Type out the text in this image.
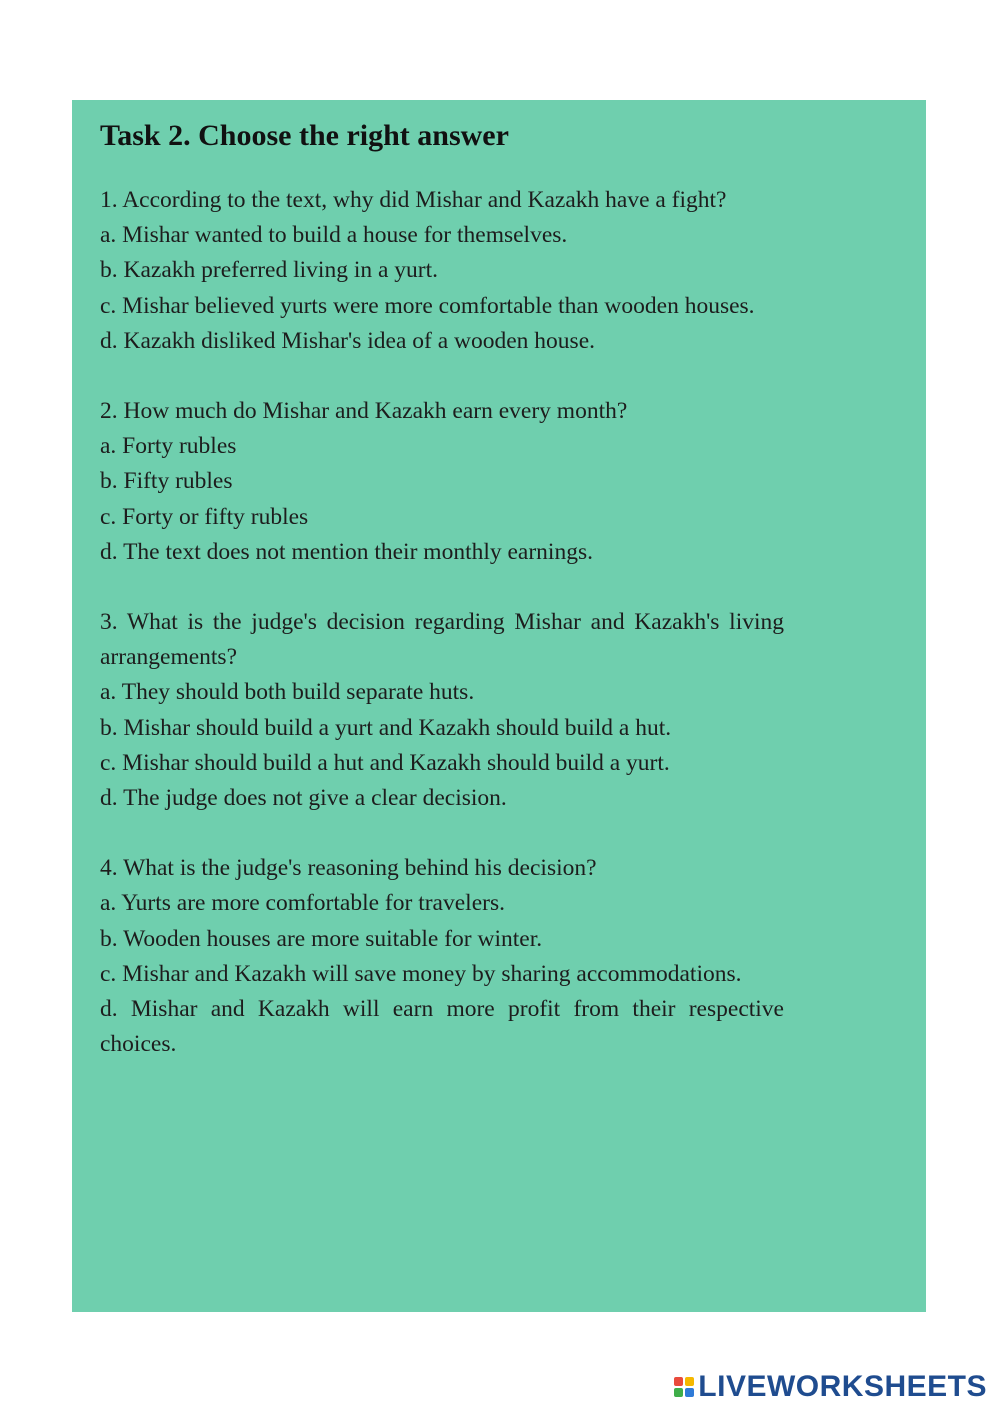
Task 2. Choose the right answer

1. According to the text, why did Mishar and Kazakh have a fight?

a. Mishar wanted to build a house for themselves.

b. Kazakh preferred living in a yurt.

c. Mishar believed yurts were more comfortable than wooden houses.

d. Kazakh disliked Mishar's idea of a wooden house.

2. How much do Mishar and Kazakh earn every month?

a. Forty rubles

b. Fifty rubles

c. Forty or fifty rubles

d. The text does not mention their monthly earnings.

3. What is the judge's decision regarding Mishar and Kazakh's living arrangements?

a. They should both build separate huts.

b. Mishar should build a yurt and Kazakh should build a hut.

c. Mishar should build a hut and Kazakh should build a yurt.

d. The judge does not give a clear decision.

4. What is the judge's reasoning behind his decision?

a. Yurts are more comfortable for travelers.

b. Wooden houses are more suitable for winter.

c. Mishar and Kazakh will save money by sharing accommodations.

d. Mishar and Kazakh will earn more profit from their respective choices.

LIVEWORKSHEETS
